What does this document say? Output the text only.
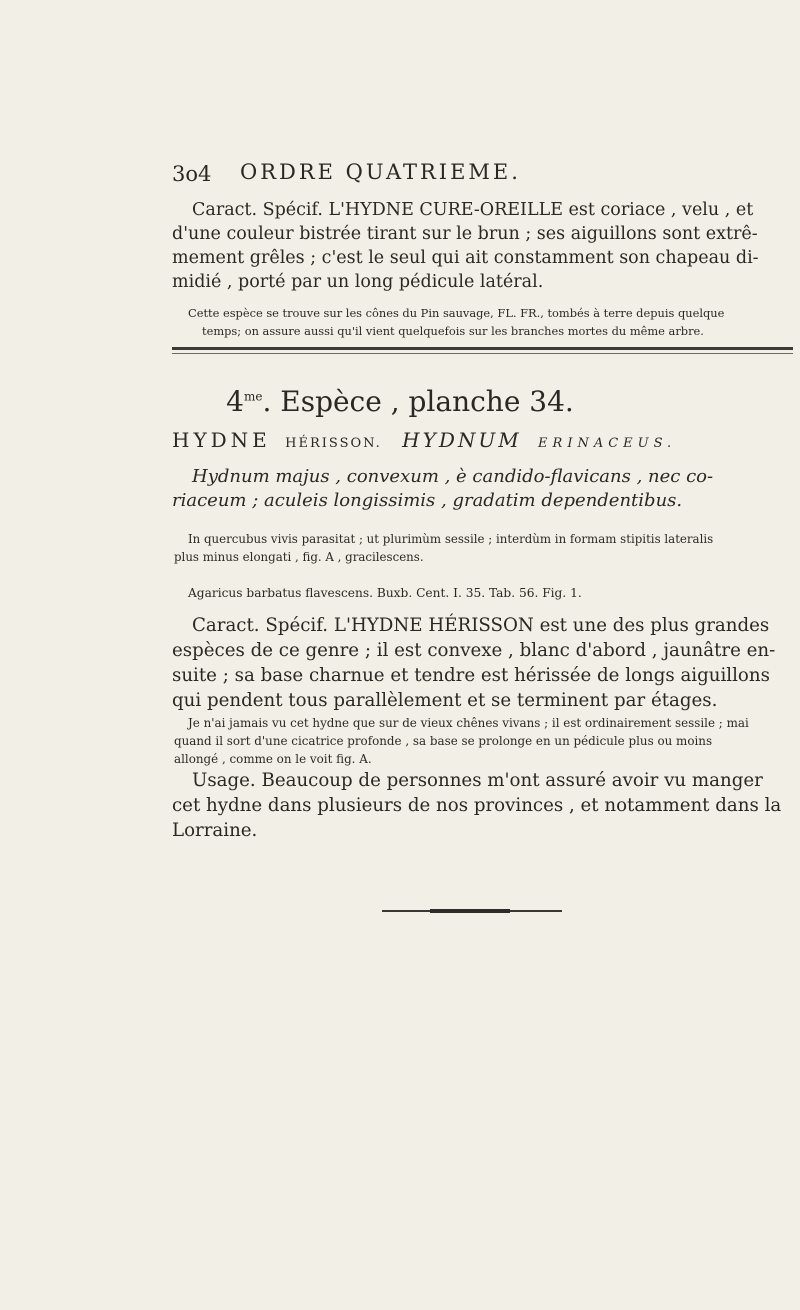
3o4 ORDRE QUATRIEME.
Caract. Spécif. L'HYDNE CURE-OREILLE est coriace , velu , et
d'une couleur bistrée tirant sur le brun ; ses aiguillons sont extrê-
mement grêles ; c'est le seul qui ait constamment son chapeau di-
midié , porté par un long pédicule latéral.
Cette espèce se trouve sur les cônes du Pin sauvage, FL. FR., tombés à terre depuis quelque
temps; on assure aussi qu'il vient quelquefois sur les branches mortes du même arbre.
$4^{me}$. Espèce , planche 34.
HYDNE HÉRISSON. HYDNUM ERINACEUS.
Hydnum majus , convexum , è candido-flavicans , nec co-
riaceum ; aculeis longissimis , gradatim dependentibus.
In quercubus vivis parasitat ; ut plurimùm sessile ; interdùm in formam stipitis lateralis
plus minus elongati , fig. A , gracilescens.
Agaricus barbatus flavescens. Buxb. Cent. I. 35. Tab. 56. Fig. 1.
Caract. Spécif. L'HYDNE HÉRISSON est une des plus grandes
espèces de ce genre ; il est convexe , blanc d'abord , jaunâtre en-
suite ; sa base charnue et tendre est hérissée de longs aiguillons
qui pendent tous parallèlement et se terminent par étages.
Je n'ai jamais vu cet hydne que sur de vieux chênes vivans ; il est ordinairement sessile ; mai
quand il sort d'une cicatrice profonde , sa base se prolonge en un pédicule plus ou moins
allongé , comme on le voit fig. A.
Usage. Beaucoup de personnes m'ont assuré avoir vu manger
cet hydne dans plusieurs de nos provinces , et notamment dans la
Lorraine.
